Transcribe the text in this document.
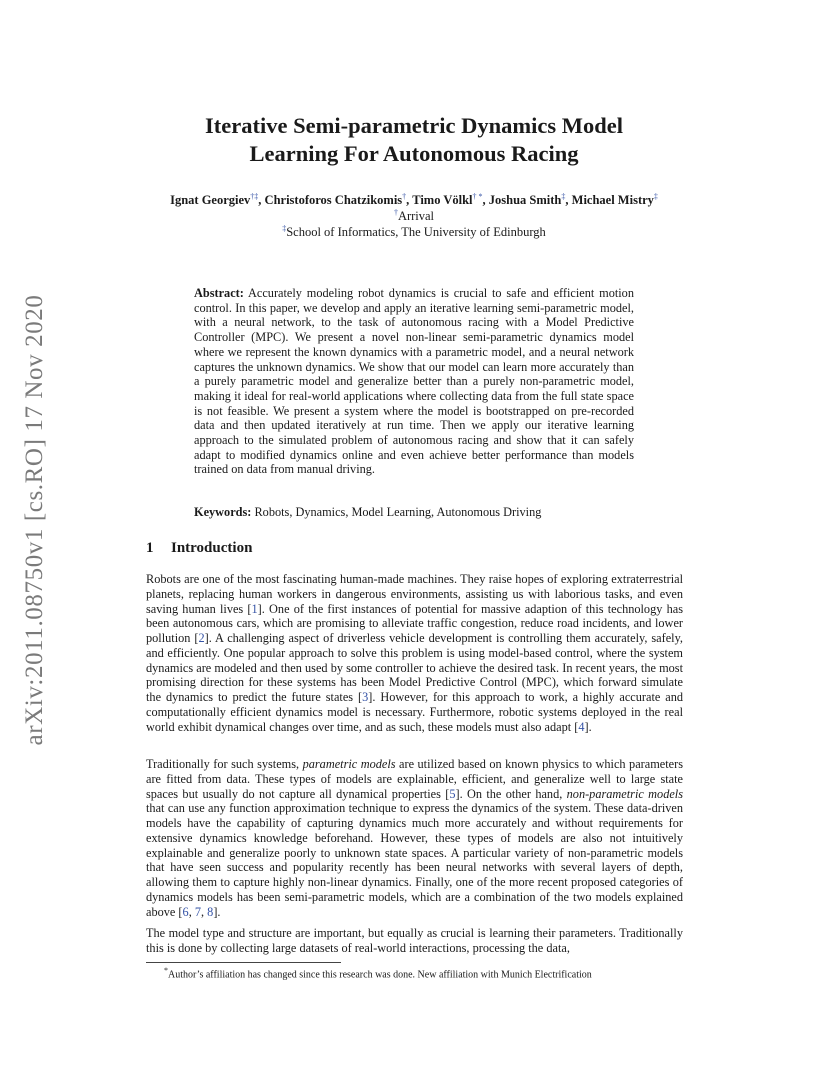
arXiv:2011.08750v1 [cs.RO] 17 Nov 2020
Iterative Semi-parametric Dynamics Model
Learning For Autonomous Racing
Ignat Georgiev†‡, Christoforos Chatzikomis†, Timo Völkl† *, Joshua Smith‡, Michael Mistry‡
†Arrival
‡School of Informatics, The University of Edinburgh
Abstract: Accurately modeling robot dynamics is crucial to safe and efficient motion control. In this paper, we develop and apply an iterative learning semi-parametric model, with a neural network, to the task of autonomous racing with a Model Predictive Controller (MPC). We present a novel non-linear semi-parametric dynamics model where we represent the known dynamics with a parametric model, and a neural network captures the unknown dynamics. We show that our model can learn more accurately than a purely parametric model and generalize better than a purely non-parametric model, making it ideal for real-world applications where collecting data from the full state space is not feasible. We present a system where the model is bootstrapped on pre-recorded data and then updated iteratively at run time. Then we apply our iterative learning approach to the simulated problem of autonomous racing and show that it can safely adapt to modified dynamics online and even achieve better performance than models trained on data from manual driving.
Keywords: Robots, Dynamics, Model Learning, Autonomous Driving
1 Introduction
Robots are one of the most fascinating human-made machines. They raise hopes of exploring extraterrestrial planets, replacing human workers in dangerous environments, assisting us with laborious tasks, and even saving human lives [1]. One of the first instances of potential for massive adaption of this technology has been autonomous cars, which are promising to alleviate traffic congestion, reduce road incidents, and lower pollution [2]. A challenging aspect of driverless vehicle development is controlling them accurately, safely, and efficiently. One popular approach to solve this problem is using model-based control, where the system dynamics are modeled and then used by some controller to achieve the desired task. In recent years, the most promising direction for these systems has been Model Predictive Control (MPC), which forward simulate the dynamics to predict the future states [3]. However, for this approach to work, a highly accurate and computationally efficient dynamics model is necessary. Furthermore, robotic systems deployed in the real world exhibit dynamical changes over time, and as such, these models must also adapt [4].
Traditionally for such systems, parametric models are utilized based on known physics to which parameters are fitted from data. These types of models are explainable, efficient, and generalize well to large state spaces but usually do not capture all dynamical properties [5]. On the other hand, non-parametric models that can use any function approximation technique to express the dynamics of the system. These data-driven models have the capability of capturing dynamics much more accurately and without requirements for extensive dynamics knowledge beforehand. However, these types of models are also not intuitively explainable and generalize poorly to unknown state spaces. A particular variety of non-parametric models that have seen success and popularity recently has been neural networks with several layers of depth, allowing them to capture highly non-linear dynamics. Finally, one of the more recent proposed categories of dynamics models has been semi-parametric models, which are a combination of the two models explained above [6, 7, 8].
The model type and structure are important, but equally as crucial is learning their parameters. Traditionally this is done by collecting large datasets of real-world interactions, processing the data,
*Author’s affiliation has changed since this research was done. New affiliation with Munich Electrification
